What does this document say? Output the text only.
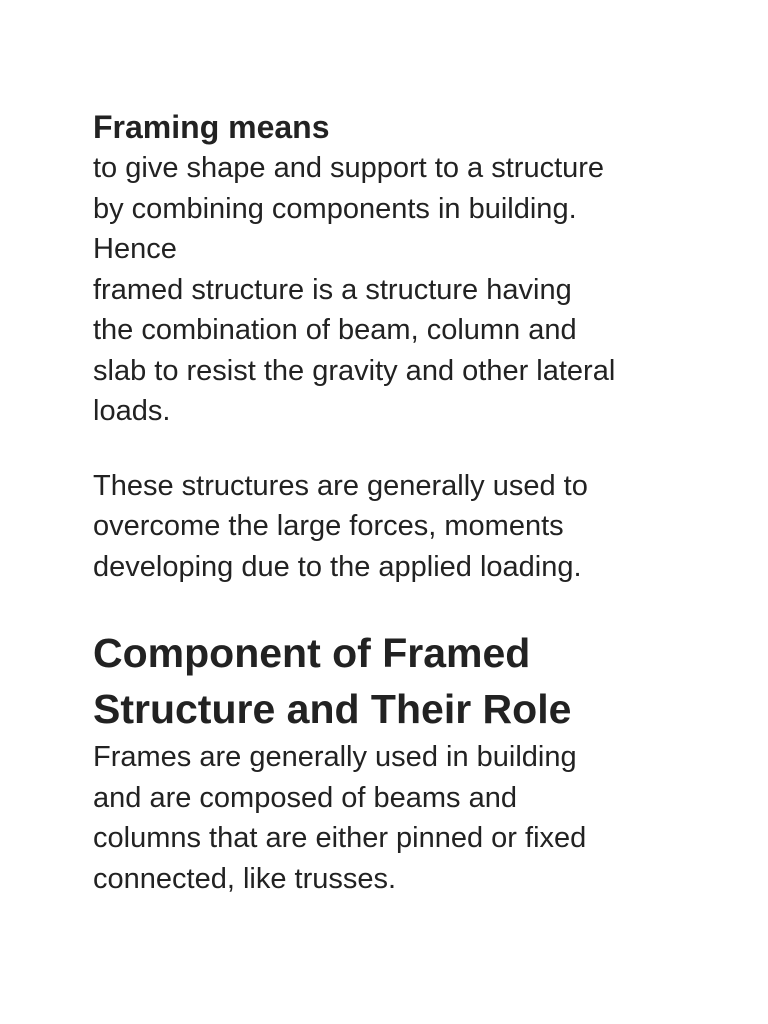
Framing means

to give shape and support to a structure
by combining components in building.
Hence
framed structure is a structure having
the combination of beam, column and
slab to resist the gravity and other lateral
loads.

These structures are generally used to
overcome the large forces, moments
developing due to the applied loading.

Component of Framed
Structure and Their Role

Frames are generally used in building
and are composed of beams and
columns that are either pinned or fixed
connected, like trusses.
